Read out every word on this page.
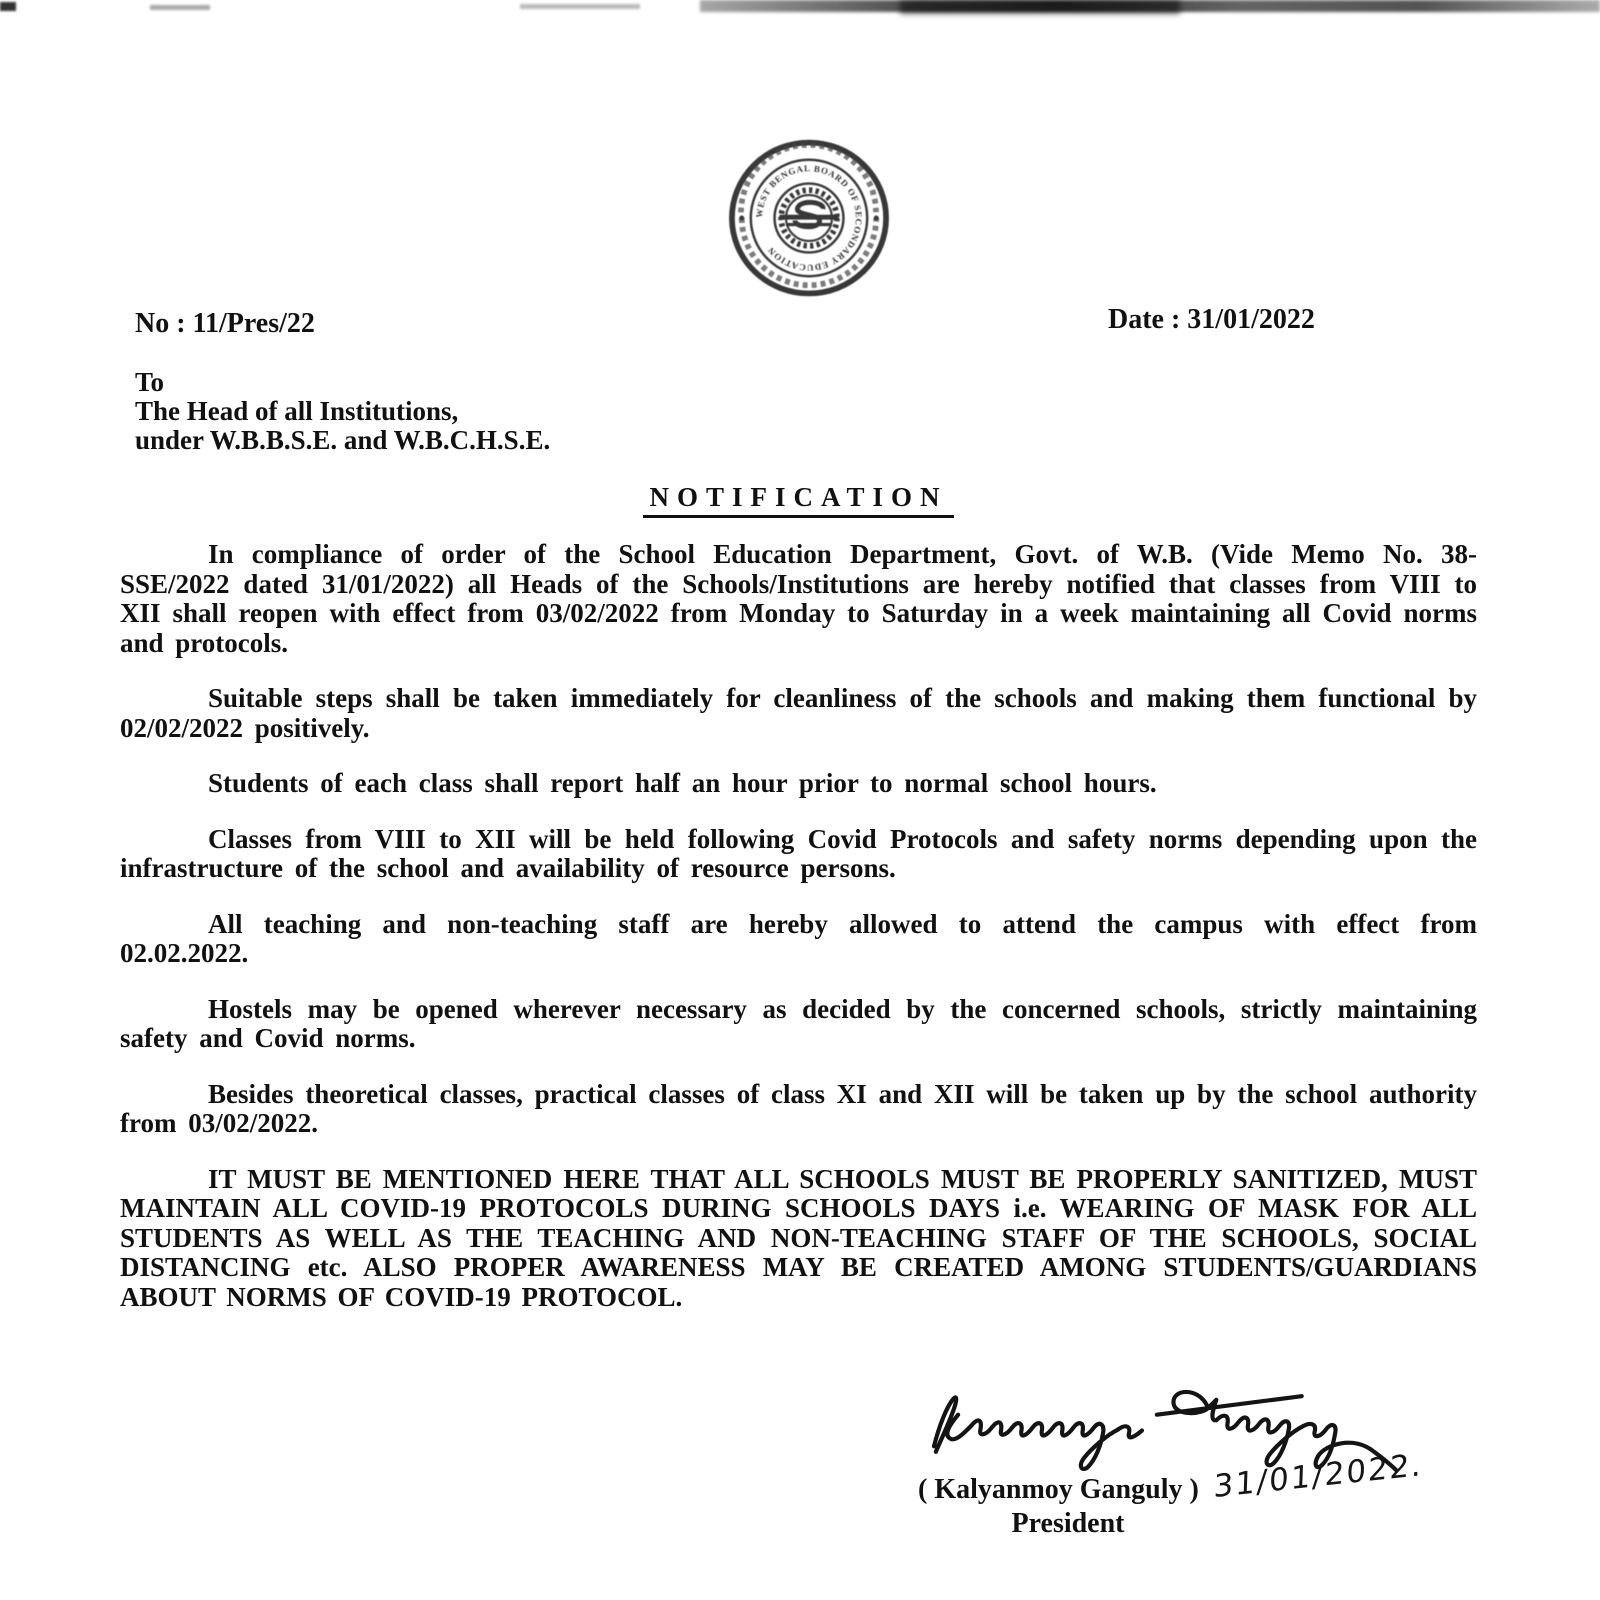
WEST BENGAL BOARD OF SECONDARY EDUCATION
No : 11/Pres/22	Date : 31/01/2022
To
The Head of all Institutions,
under W.B.B.S.E. and W.B.C.H.S.E.
NOTIFICATION

In compliance of order of the School Education Department, Govt. of W.B. (Vide Memo No. 38-SSE/2022 dated 31/01/2022) all Heads of the Schools/Institutions are hereby notified that classes from VIII to XII shall reopen with effect from 03/02/2022 from Monday to Saturday in a week maintaining all Covid norms and protocols.

Suitable steps shall be taken immediately for cleanliness of the schools and making them functional by 02/02/2022 positively.

Students of each class shall report half an hour prior to normal school hours.

Classes from VIII to XII will be held following Covid Protocols and safety norms depending upon the infrastructure of the school and availability of resource persons.

All teaching and non-teaching staff are hereby allowed to attend the campus with effect from 02.02.2022.

Hostels may be opened wherever necessary as decided by the concerned schools, strictly maintaining safety and Covid norms.

Besides theoretical classes, practical classes of class XI and XII will be taken up by the school authority from 03/02/2022.

IT MUST BE MENTIONED HERE THAT ALL SCHOOLS MUST BE PROPERLY SANITIZED, MUST MAINTAIN ALL COVID-19 PROTOCOLS DURING SCHOOLS DAYS i.e. WEARING OF MASK FOR ALL STUDENTS AS WELL AS THE TEACHING AND NON-TEACHING STAFF OF THE SCHOOLS, SOCIAL DISTANCING etc. ALSO PROPER AWARENESS MAY BE CREATED AMONG STUDENTS/GUARDIANS ABOUT NORMS OF COVID-19 PROTOCOL.

( Kalyanmoy Ganguly ) 31/01/2022.
President
